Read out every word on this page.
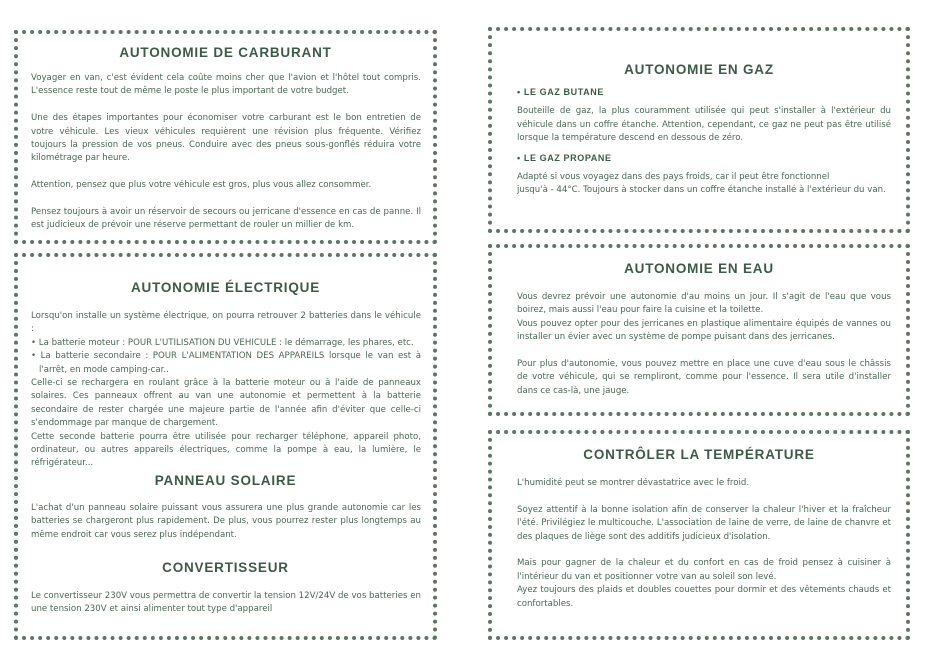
AUTONOMIE DE CARBURANT

Voyager en van, c'est évident cela coûte moins cher que l'avion et l'hôtel tout compris. L'essence reste tout de même le poste le plus important de votre budget.

Une des étapes importantes pour économiser votre carburant est le bon entretien de votre véhicule. Les vieux véhicules requièrent une révision plus fréquente. Vérifiez toujours la pression de vos pneus. Conduire avec des pneus sous-gonflés réduira votre kilométrage par heure.

Attention, pensez que plus votre véhicule est gros, plus vous allez consommer.

Pensez toujours à avoir un réservoir de secours ou jerricane d'essence en cas de panne. Il est judicieux de prévoir une réserve permettant de rouler un millier de km.

AUTONOMIE ÉLECTRIQUE

Lorsqu'on installe un système électrique, on pourra retrouver 2 batteries dans le véhicule :

• La batterie moteur : POUR L'UTILISATION DU VEHICULE : le démarrage, les phares, etc.

• La batterie secondaire : POUR L'ALIMENTATION DES APPAREILS lorsque le van est à l'arrêt, en mode camping-car..

Celle-ci se rechargera en roulant grâce à la batterie moteur ou à l'aide de panneaux solaires. Ces panneaux offrent au van une autonomie et permettent à la batterie secondaire de rester chargée une majeure partie de l'année afin d'éviter que celle-ci s'endommage par manque de chargement.

Cette seconde batterie pourra être utilisée pour recharger téléphone, appareil photo, ordinateur, ou autres appareils électriques, comme la pompe à eau, la lumière, le réfrigérateur...

PANNEAU SOLAIRE

L'achat d'un panneau solaire puissant vous assurera une plus grande autonomie car les batteries se chargeront plus rapidement. De plus, vous pourrez rester plus longtemps au même endroit car vous serez plus indépendant.

CONVERTISSEUR

Le convertisseur 230V vous permettra de convertir la tension 12V/24V de vos batteries en une tension 230V et ainsi alimenter tout type d'appareil

AUTONOMIE EN GAZ

• LE GAZ BUTANE

Bouteille de gaz, la plus couramment utilisée qui peut s'installer à l'extérieur du véhicule dans un coffre étanche. Attention, cependant, ce gaz ne peut pas être utilisé lorsque la température descend en dessous de zéro.

• LE GAZ PROPANE

Adapté si vous voyagez dans des pays froids, car il peut être fonctionnel

jusqu'à - 44°C. Toujours à stocker dans un coffre étanche installé à l'extérieur du van.

AUTONOMIE EN EAU

Vous devrez prévoir une autonomie d'au moins un jour. Il s'agit de l'eau que vous boirez, mais aussi l'eau pour faire la cuisine et la toilette.

Vous pouvez opter pour des jerricanes en plastique alimentaire équipés de vannes ou installer un évier avec un système de pompe puisant dans des jerricanes.

Pour plus d'autonomie, vous pouvez mettre en place une cuve d'eau sous le châssis de votre véhicule, qui se rempliront, comme pour l'essence. Il sera utile d'installer dans ce cas-là, une jauge.

CONTRÔLER LA TEMPÉRATURE

L'humidité peut se montrer dévastatrice avec le froid.

Soyez attentif à la bonne isolation afin de conserver la chaleur l'hiver et la fraîcheur l'été. Privilégiez le multicouche. L'association de laine de verre, de laine de chanvre et des plaques de liège sont des additifs judicieux d'isolation.

Mais pour gagner de la chaleur et du confort en cas de froid pensez à cuisiner à l'intérieur du van et positionner votre van au soleil son levé.

Ayez toujours des plaids et doubles couettes pour dormir et des vêtements chauds et confortables.
